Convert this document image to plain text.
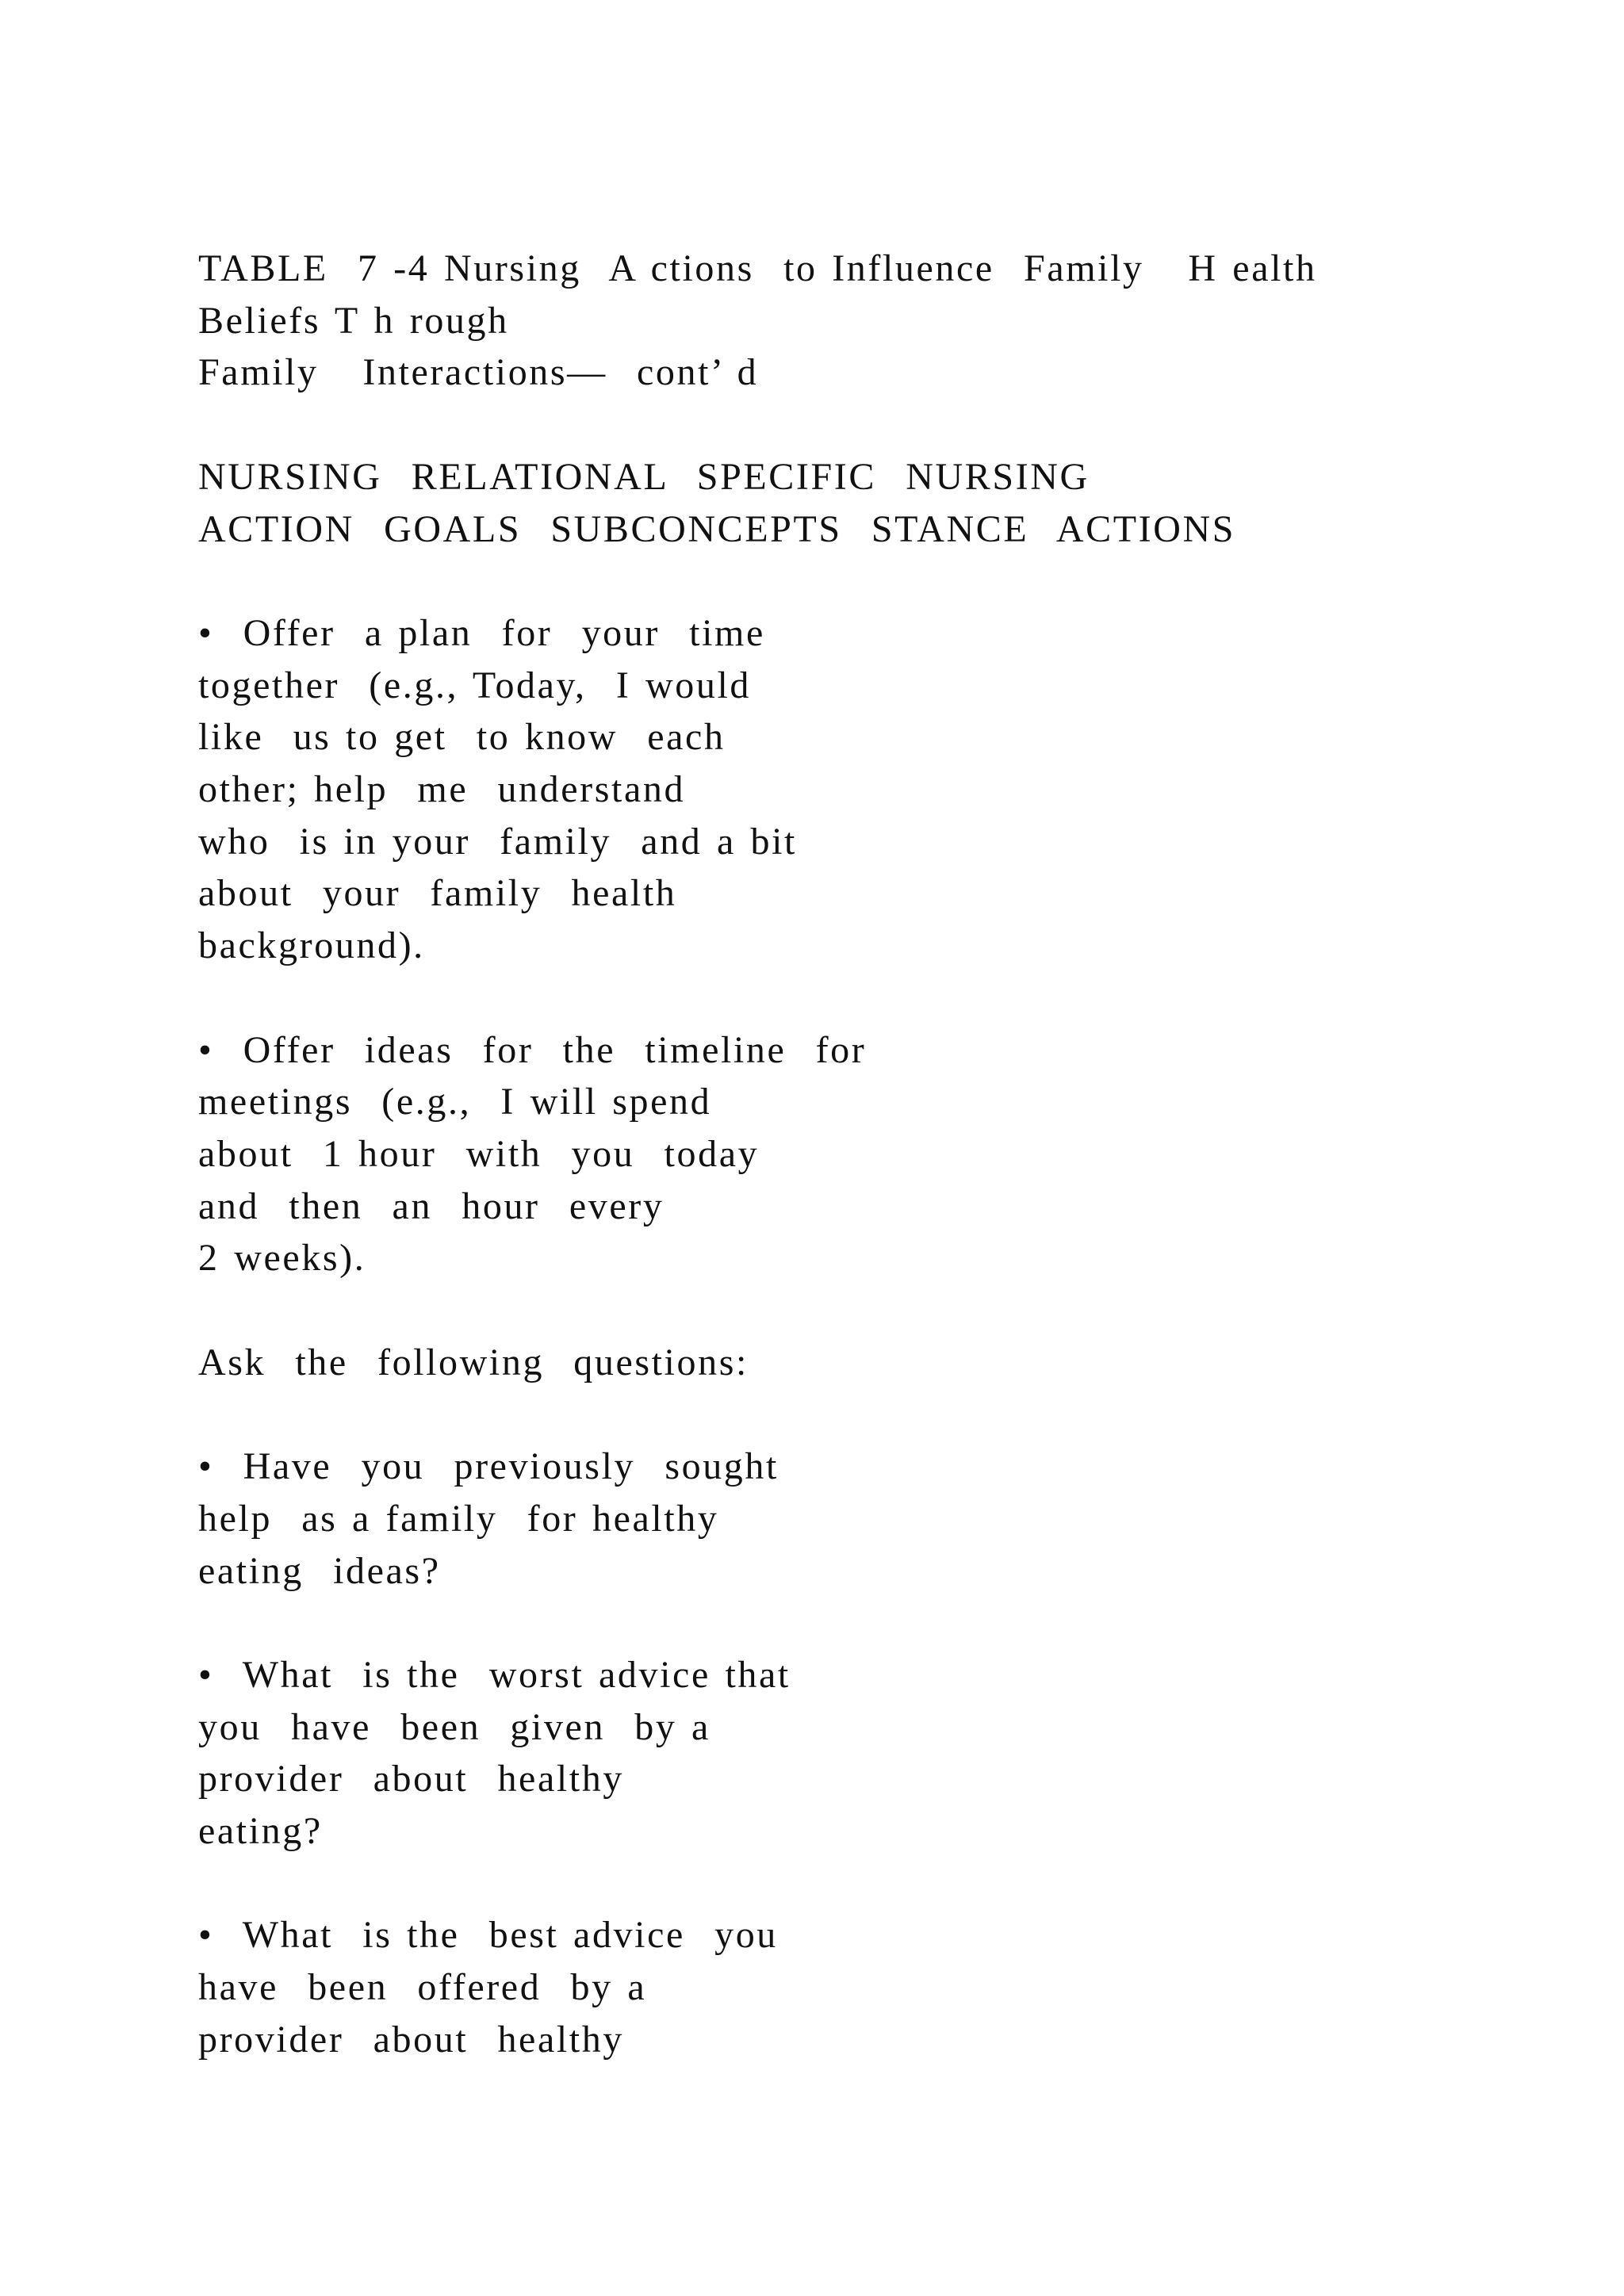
TABLE  7 -4 Nursing  A ctions  to Influence  Family   H ealth
Beliefs T h rough
Family   Interactions—  cont’ d
NURSING  RELATIONAL  SPECIFIC  NURSING
ACTION  GOALS  SUBCONCEPTS  STANCE  ACTIONS
•  Offer  a plan  for  your  time
together  (e.g., Today,  I would
like  us to get  to know  each
other; help  me  understand
who  is in your  family  and a bit
about  your  family  health
background).
•  Offer  ideas  for  the  timeline  for
meetings  (e.g.,  I will spend
about  1 hour  with  you  today
and  then  an  hour  every
2 weeks).
Ask  the  following  questions:
•  Have  you  previously  sought
help  as a family  for healthy
eating  ideas?
•  What  is the  worst advice that
you  have  been  given  by a
provider  about  healthy
eating?
•  What  is the  best advice  you
have  been  offered  by a
provider  about  healthy
